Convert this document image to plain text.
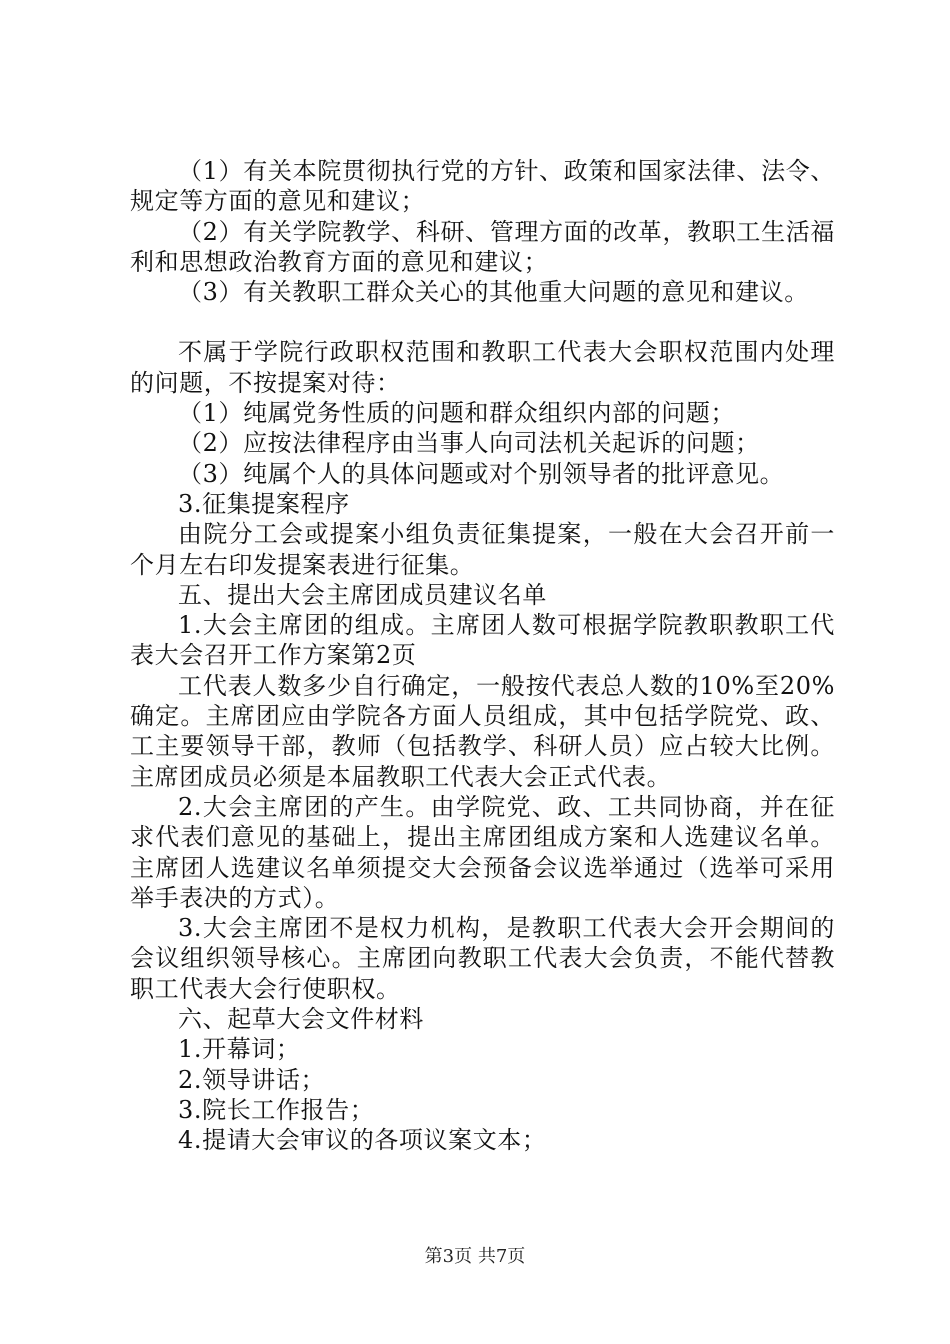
（1）有关本院贯彻执行党的方针、政策和国家法律、法令、规定等方面的意见和建议；

（2）有关学院教学、科研、管理方面的改革，教职工生活福利和思想政治教育方面的意见和建议；

（3）有关教职工群众关心的其他重大问题的意见和建议。

不属于学院行政职权范围和教职工代表大会职权范围内处理的问题，不按提案对待：

（1）纯属党务性质的问题和群众组织内部的问题；

（2）应按法律程序由当事人向司法机关起诉的问题；

（3）纯属个人的具体问题或对个别领导者的批评意见。

3.征集提案程序

由院分工会或提案小组负责征集提案，一般在大会召开前一个月左右印发提案表进行征集。

五、提出大会主席团成员建议名单

1.大会主席团的组成。主席团人数可根据学院教职教职工代表大会召开工作方案第2页

工代表人数多少自行确定，一般按代表总人数的10%至20%确定。主席团应由学院各方面人员组成，其中包括学院党、政、工主要领导干部，教师（包括教学、科研人员）应占较大比例。主席团成员必须是本届教职工代表大会正式代表。

2.大会主席团的产生。由学院党、政、工共同协商，并在征求代表们意见的基础上，提出主席团组成方案和人选建议名单。主席团人选建议名单须提交大会预备会议选举通过（选举可采用举手表决的方式）。

3.大会主席团不是权力机构，是教职工代表大会开会期间的会议组织领导核心。主席团向教职工代表大会负责，不能代替教职工代表大会行使职权。

六、起草大会文件材料

1.开幕词；

2.领导讲话；

3.院长工作报告；

4.提请大会审议的各项议案文本；

第3页 共7页
